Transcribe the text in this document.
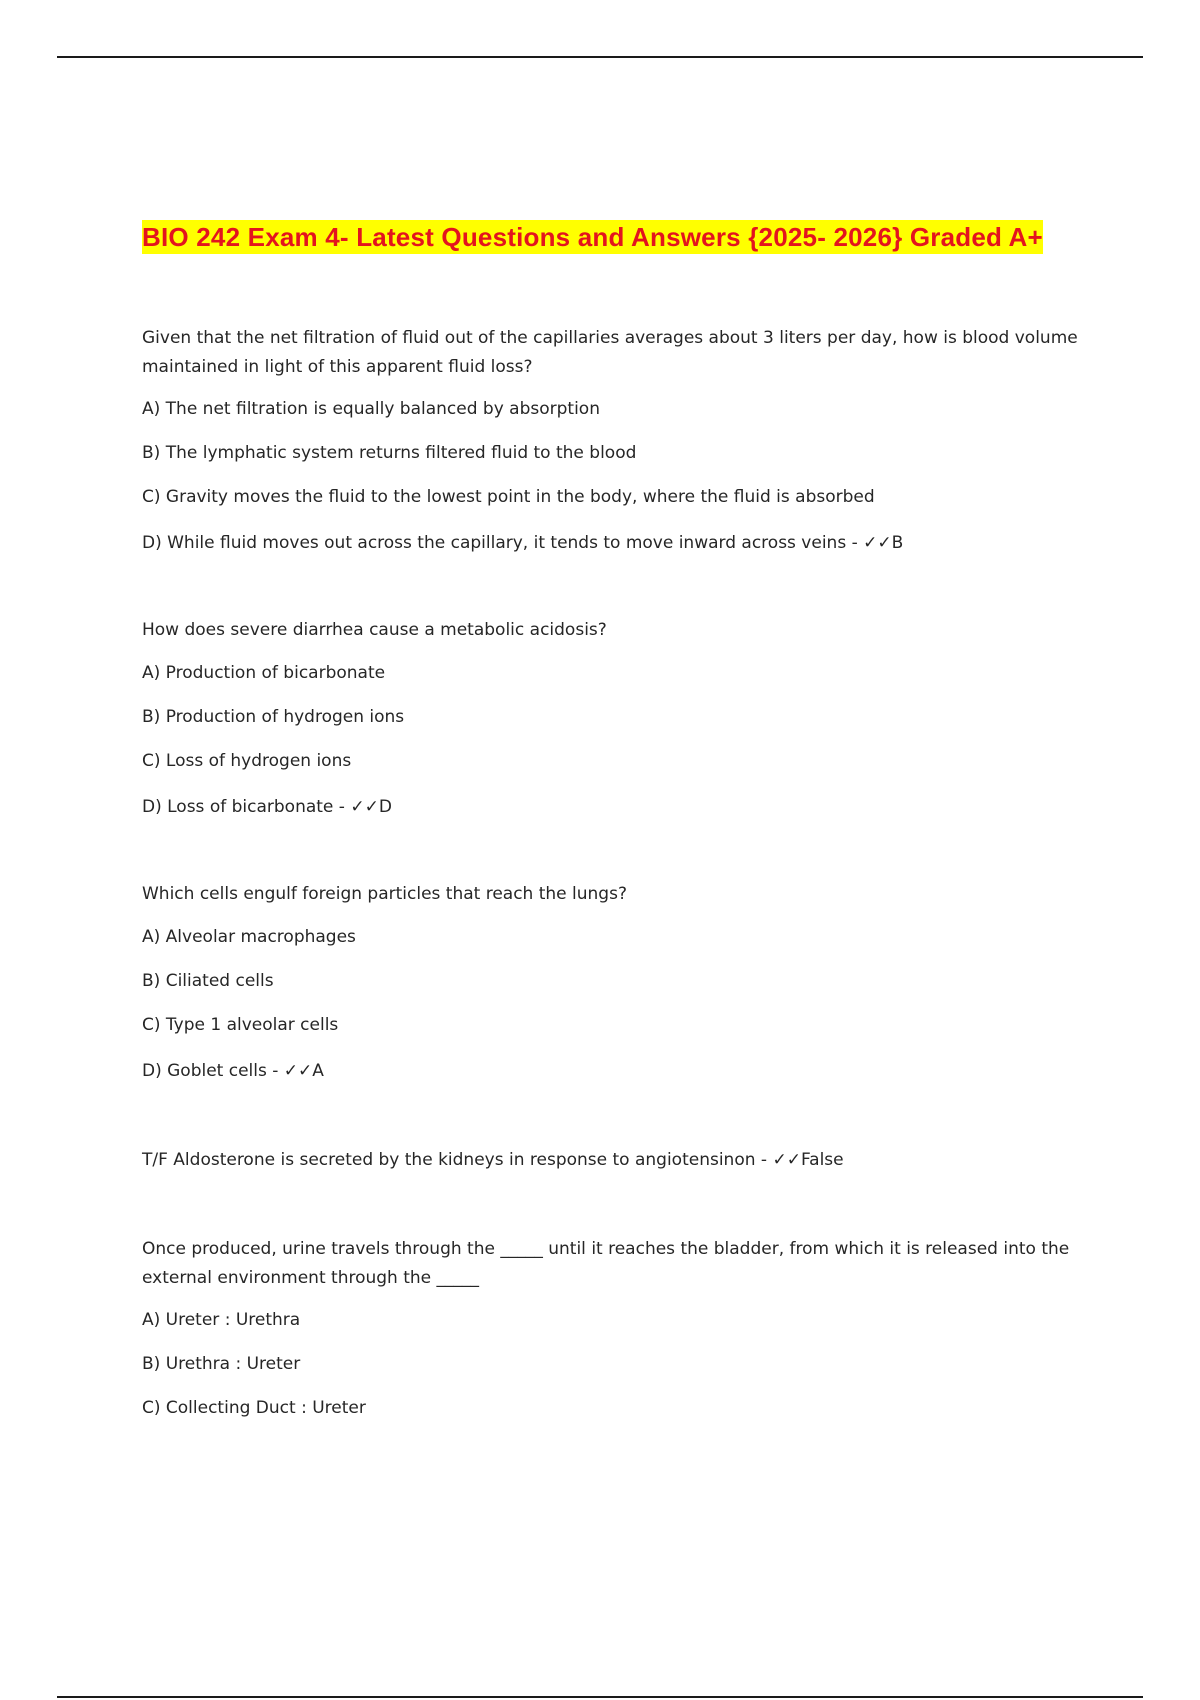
BIO 242 Exam 4- Latest Questions and Answers {2025- 2026} Graded A+

Given that the net filtration of fluid out of the capillaries averages about 3 liters per day, how is blood volume maintained in light of this apparent fluid loss?

A) The net filtration is equally balanced by absorption

B) The lymphatic system returns filtered fluid to the blood

C) Gravity moves the fluid to the lowest point in the body, where the fluid is absorbed

D) While fluid moves out across the capillary, it tends to move inward across veins - ✓✓B

How does severe diarrhea cause a metabolic acidosis?

A) Production of bicarbonate

B) Production of hydrogen ions

C) Loss of hydrogen ions

D) Loss of bicarbonate - ✓✓D

Which cells engulf foreign particles that reach the lungs?

A) Alveolar macrophages

B) Ciliated cells

C) Type 1 alveolar cells

D) Goblet cells - ✓✓A

T/F Aldosterone is secreted by the kidneys in response to angiotensinon - ✓✓False

Once produced, urine travels through the _____ until it reaches the bladder, from which it is released into the external environment through the _____

A) Ureter : Urethra

B) Urethra : Ureter

C) Collecting Duct : Ureter
